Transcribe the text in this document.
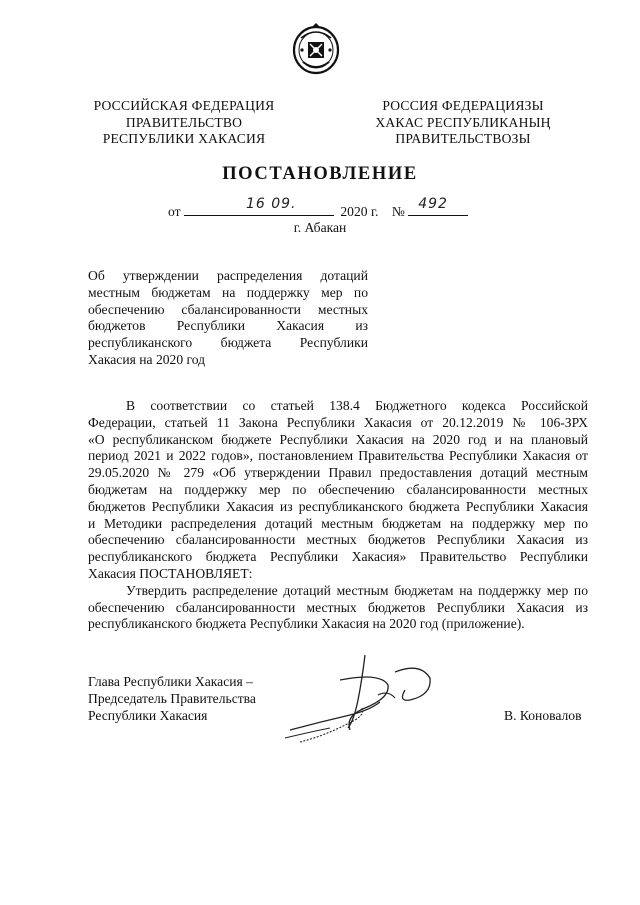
РОССИЙСКАЯ ФЕДЕРАЦИЯ
ПРАВИТЕЛЬСТВО
РЕСПУБЛИКИ ХАКАСИЯ
РОССИЯ ФЕДЕРАЦИЯЗЫ
ХАКАС РЕСПУБЛИКАНЫҢ
ПРАВИТЕЛЬСТВОЗЫ
ПОСТАНОВЛЕНИЕ
от	16 09.	2020 г. № 492
г. Абакан
Об утверждении распределения дотаций
местным бюджетам на поддержку мер по
обеспечению сбалансированности местных
бюджетов Республики Хакасия из
республиканского бюджета Республики
Хакасия на 2020 год
В соответствии со статьей 138.4 Бюджетного кодекса Российской
Федерации, статьей 11 Закона Республики Хакасия от 20.12.2019 № 106-ЗРХ
«О республиканском бюджете Республики Хакасия на 2020 год и на плановый
период 2021 и 2022 годов», постановлением Правительства Республики Хакасия от
29.05.2020 № 279 «Об утверждении Правил предоставления дотаций местным
бюджетам на поддержку мер по обеспечению сбалансированности местных
бюджетов Республики Хакасия из республиканского бюджета Республики Хакасия
и Методики распределения дотаций местным бюджетам на поддержку мер по
обеспечению сбалансированности местных бюджетов Республики Хакасия из
республиканского бюджета Республики Хакасия» Правительство Республики
Хакасия ПОСТАНОВЛЯЕТ:
Утвердить распределение дотаций местным бюджетам на поддержку мер по
обеспечению сбалансированности местных бюджетов Республики Хакасия из
республиканского бюджета Республики Хакасия на 2020 год (приложение).
Глава Республики Хакасия –
Председатель Правительства
Республики Хакасия	В. Коновалов
